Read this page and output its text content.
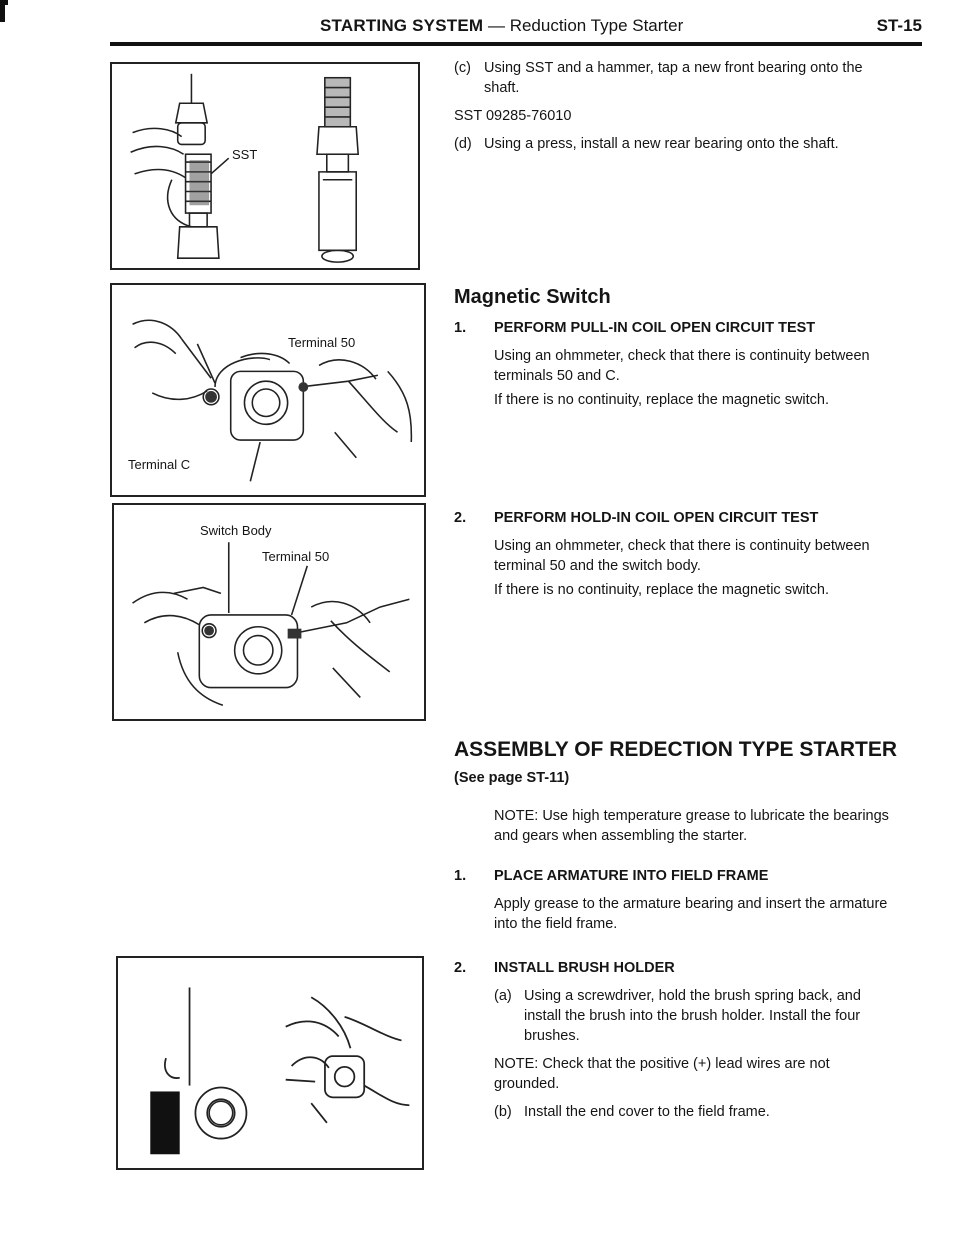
STARTING SYSTEM — Reduction Type Starter	ST-15
SST
Terminal 50
Terminal C
Switch Body
Terminal 50
(c) Using SST and a hammer, tap a new front bearing onto the shaft.
SST 09285-76010
(d) Using a press, install a new rear bearing onto the shaft.
Magnetic Switch
1. PERFORM PULL-IN COIL OPEN CIRCUIT TEST
Using an ohmmeter, check that there is continuity between terminals 50 and C.
If there is no continuity, replace the magnetic switch.
2. PERFORM HOLD-IN COIL OPEN CIRCUIT TEST
Using an ohmmeter, check that there is continuity between terminal 50 and the switch body.
If there is no continuity, replace the magnetic switch.
ASSEMBLY OF REDECTION TYPE STARTER
(See page ST-11)
NOTE: Use high temperature grease to lubricate the bearings and gears when assembling the starter.
1. PLACE ARMATURE INTO FIELD FRAME
Apply grease to the armature bearing and insert the armature into the field frame.
2. INSTALL BRUSH HOLDER
(a) Using a screwdriver, hold the brush spring back, and install the brush into the brush holder. Install the four brushes.
NOTE: Check that the positive (+) lead wires are not grounded.
(b) Install the end cover to the field frame.
